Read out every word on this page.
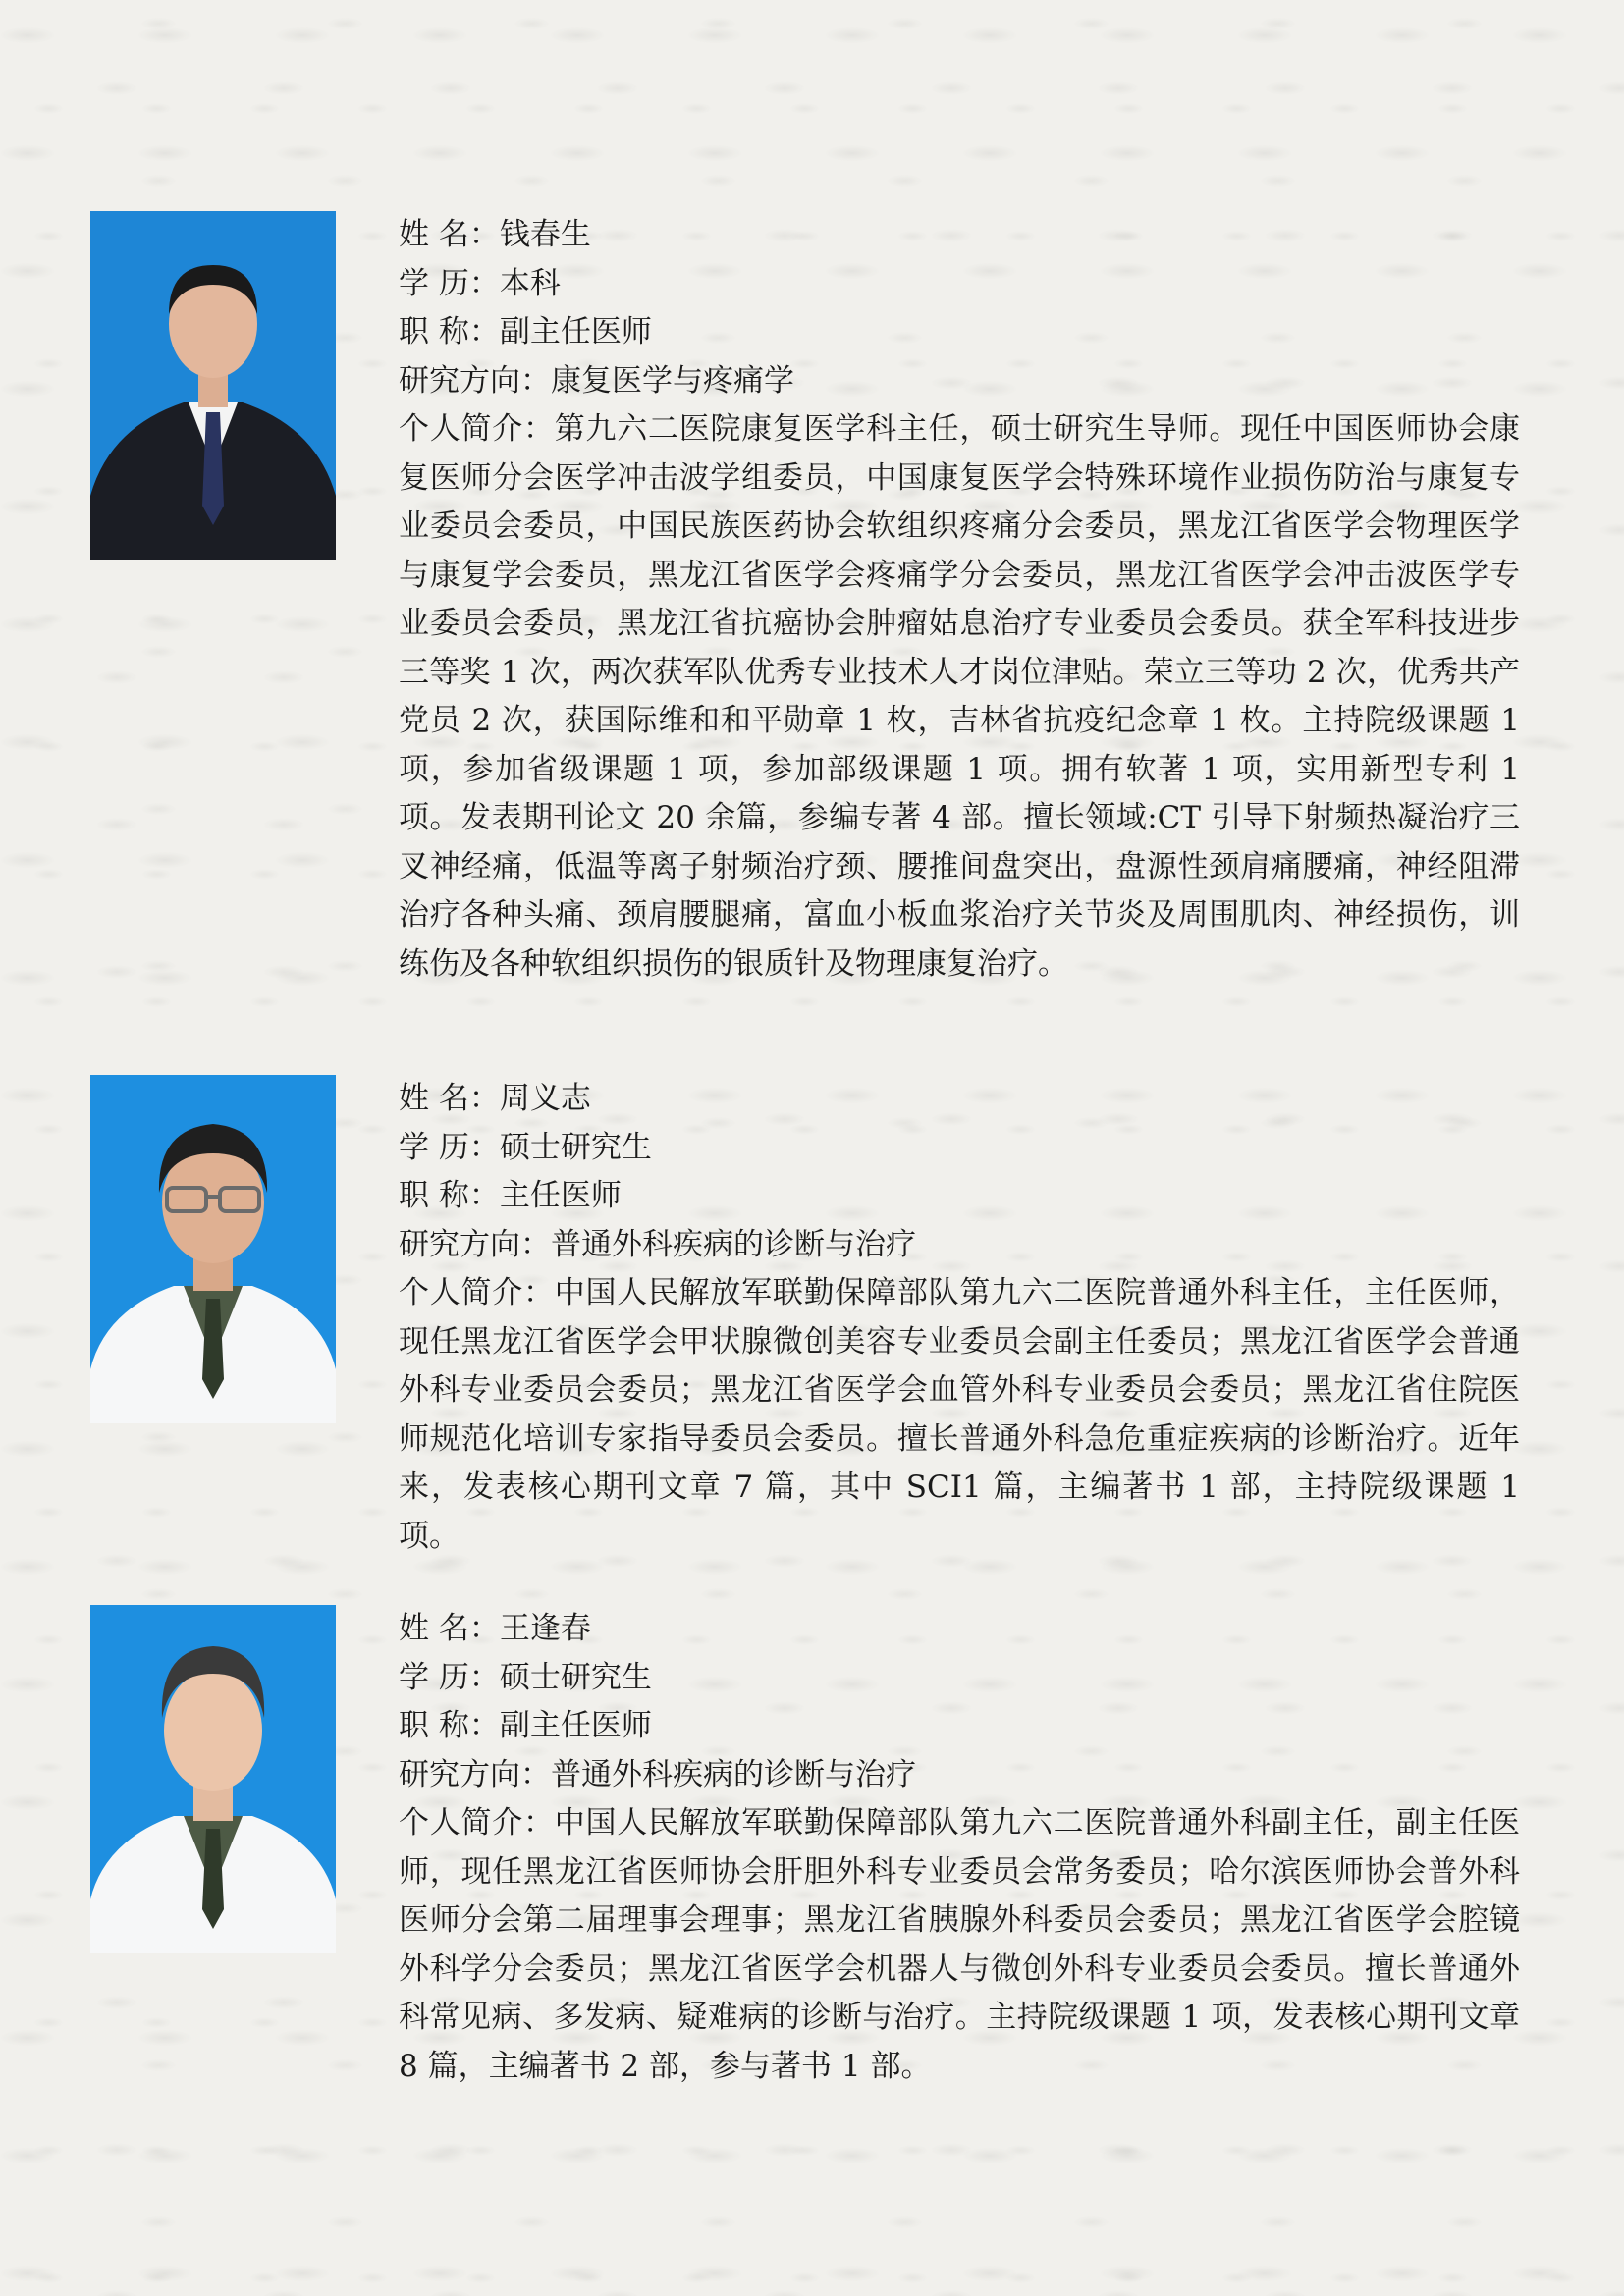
姓 名：钱春生
学 历：本科
职 称：副主任医师
研究方向：康复医学与疼痛学
个人简介：第九六二医院康复医学科主任，硕士研究生导师。现任中国医师协会康复医师分会医学冲击波学组委员，中国康复医学会特殊环境作业损伤防治与康复专业委员会委员，中国民族医药协会软组织疼痛分会委员，黑龙江省医学会物理医学与康复学会委员，黑龙江省医学会疼痛学分会委员，黑龙江省医学会冲击波医学专业委员会委员，黑龙江省抗癌协会肿瘤姑息治疗专业委员会委员。获全军科技进步三等奖 1 次，两次获军队优秀专业技术人才岗位津贴。荣立三等功 2 次，优秀共产党员 2 次，获国际维和和平勋章 1 枚，吉林省抗疫纪念章 1 枚。主持院级课题 1 项，参加省级课题 1 项，参加部级课题 1 项。拥有软著 1 项，实用新型专利 1 项。发表期刊论文 20 余篇，参编专著 4 部。擅长领域:CT 引导下射频热凝治疗三叉神经痛，低温等离子射频治疗颈、腰推间盘突出，盘源性颈肩痛腰痛，神经阻滞治疗各种头痛、颈肩腰腿痛，富血小板血浆治疗关节炎及周围肌肉、神经损伤，训练伤及各种软组织损伤的银质针及物理康复治疗。
姓 名：周义志
学 历：硕士研究生
职 称：主任医师
研究方向：普通外科疾病的诊断与治疗
个人简介：中国人民解放军联勤保障部队第九六二医院普通外科主任，主任医师，现任黑龙江省医学会甲状腺微创美容专业委员会副主任委员；黑龙江省医学会普通外科专业委员会委员；黑龙江省医学会血管外科专业委员会委员；黑龙江省住院医师规范化培训专家指导委员会委员。擅长普通外科急危重症疾病的诊断治疗。近年来，发表核心期刊文章 7 篇，其中 SCI1 篇，主编著书 1 部，主持院级课题 1 项。
姓 名：王逢春
学 历：硕士研究生
职 称：副主任医师
研究方向：普通外科疾病的诊断与治疗
个人简介：中国人民解放军联勤保障部队第九六二医院普通外科副主任，副主任医师，现任黑龙江省医师协会肝胆外科专业委员会常务委员；哈尔滨医师协会普外科医师分会第二届理事会理事；黑龙江省胰腺外科委员会委员；黑龙江省医学会腔镜外科学分会委员；黑龙江省医学会机器人与微创外科专业委员会委员。擅长普通外科常见病、多发病、疑难病的诊断与治疗。主持院级课题 1 项，发表核心期刊文章 8 篇，主编著书 2 部，参与著书 1 部。
